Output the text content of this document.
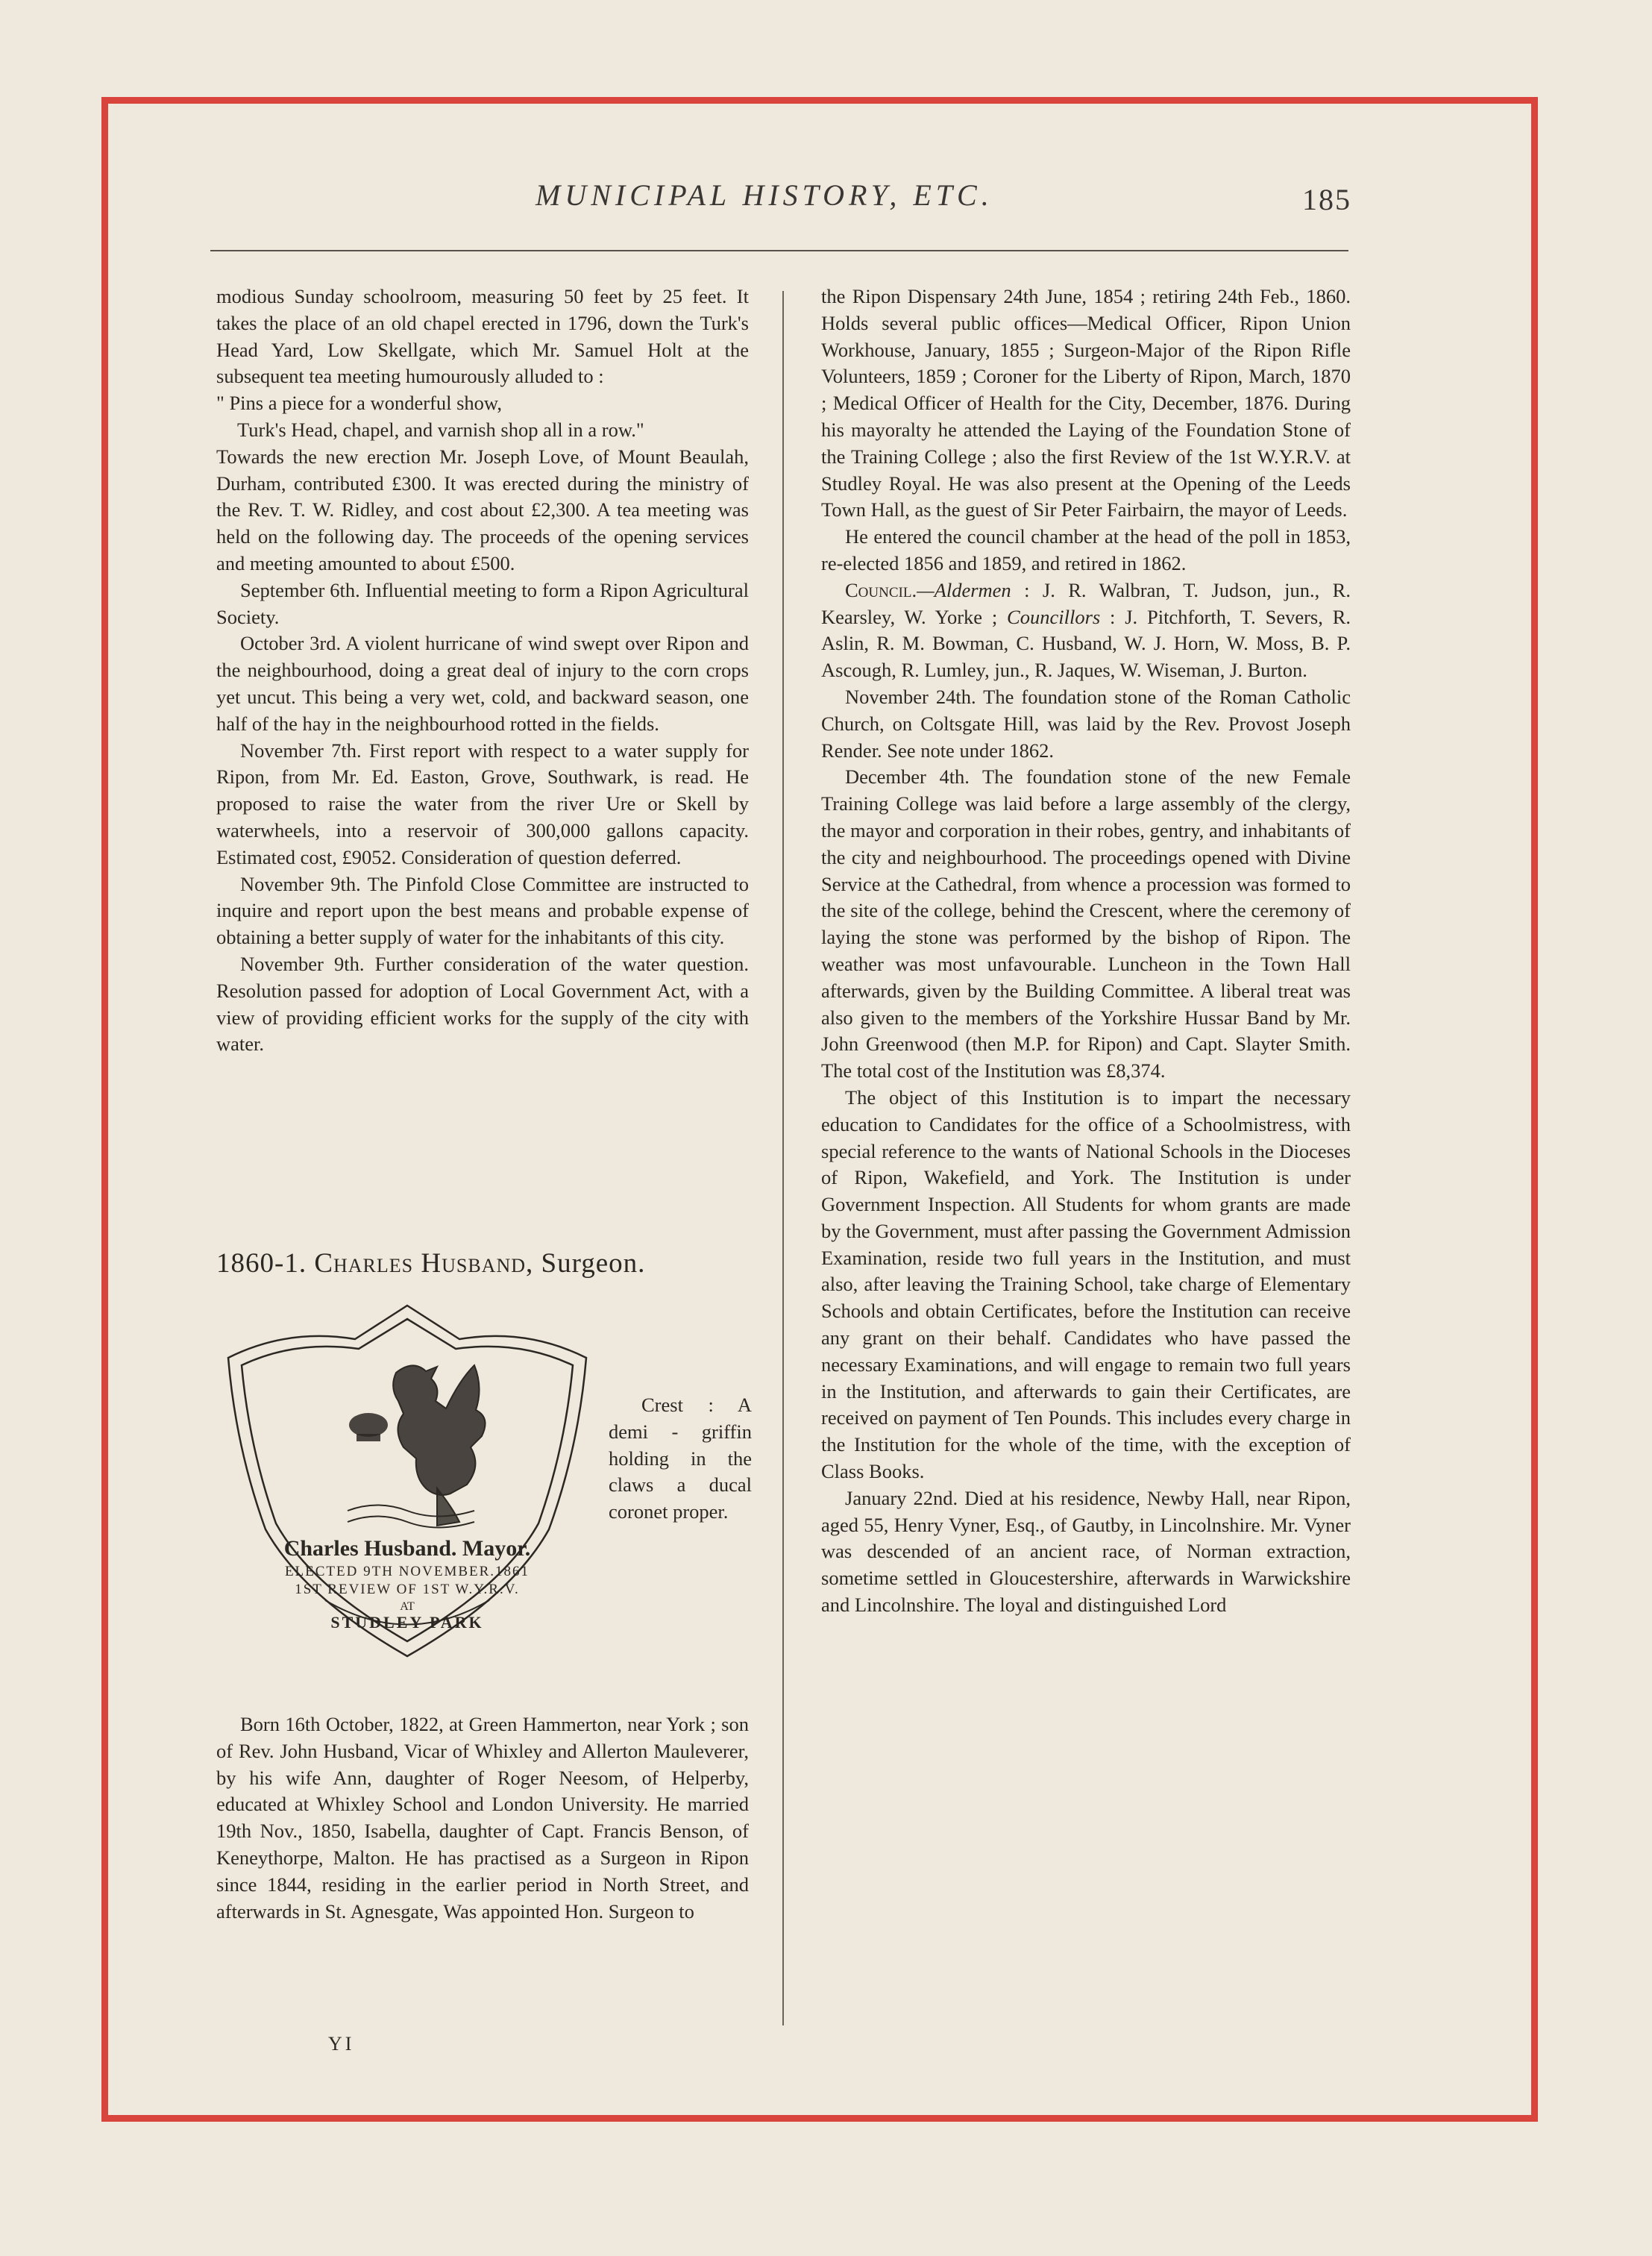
MUNICIPAL HISTORY, ETC.	185

modious Sunday schoolroom, measuring 50 feet by 25 feet. It takes the place of an old chapel erected in 1796, down the Turk's Head Yard, Low Skellgate, which Mr. Samuel Holt at the subsequent tea meeting humourously alluded to :

" Pins a piece for a wonderful show,
Turk's Head, chapel, and varnish shop all in a row."

Towards the new erection Mr. Joseph Love, of Mount Beaulah, Durham, contributed £300. It was erected during the ministry of the Rev. T. W. Ridley, and cost about £2,300. A tea meeting was held on the following day. The proceeds of the opening services and meeting amounted to about £500.

September 6th. Influential meeting to form a Ripon Agricultural Society.

October 3rd. A violent hurricane of wind swept over Ripon and the neighbourhood, doing a great deal of injury to the corn crops yet uncut. This being a very wet, cold, and backward season, one half of the hay in the neighbourhood rotted in the fields.

November 7th. First report with respect to a water supply for Ripon, from Mr. Ed. Easton, Grove, Southwark, is read. He proposed to raise the water from the river Ure or Skell by waterwheels, into a reservoir of 300,000 gallons capacity. Estimated cost, £9052. Consideration of question deferred.

November 9th. The Pinfold Close Committee are instructed to inquire and report upon the best means and probable expense of obtaining a better supply of water for the inhabitants of this city.

November 9th. Further consideration of the water question. Resolution passed for adoption of Local Government Act, with a view of providing efficient works for the supply of the city with water.

1860-1. Charles Husband, Surgeon.
Charles Husband. Mayor.
ELECTED 9TH NOVEMBER.1861
1ST REVIEW OF 1ST W.Y.R.V.
AT
STUDLEY PARK

Crest : A demi - griffin holding in the claws a ducal coronet proper.

Born 16th October, 1822, at Green Hammerton, near York ; son of Rev. John Husband, Vicar of Whixley and Allerton Mauleverer, by his wife Ann, daughter of Roger Neesom, of Helperby, educated at Whixley School and London University. He married 19th Nov., 1850, Isabella, daughter of Capt. Francis Benson, of Keneythorpe, Malton. He has practised as a Surgeon in Ripon since 1844, residing in the earlier period in North Street, and afterwards in St. Agnesgate, Was appointed Hon. Surgeon to

YI

the Ripon Dispensary 24th June, 1854 ; retiring 24th Feb., 1860. Holds several public offices—Medical Officer, Ripon Union Workhouse, January, 1855 ; Surgeon-Major of the Ripon Rifle Volunteers, 1859 ; Coroner for the Liberty of Ripon, March, 1870 ; Medical Officer of Health for the City, December, 1876. During his mayoralty he attended the Laying of the Foundation Stone of the Training College ; also the first Review of the 1st W.Y.R.V. at Studley Royal. He was also present at the Opening of the Leeds Town Hall, as the guest of Sir Peter Fairbairn, the mayor of Leeds.

He entered the council chamber at the head of the poll in 1853, re-elected 1856 and 1859, and retired in 1862.

Council.—Aldermen : J. R. Walbran, T. Judson, jun., R. Kearsley, W. Yorke ; Councillors : J. Pitchforth, T. Severs, R. Aslin, R. M. Bowman, C. Husband, W. J. Horn, W. Moss, B. P. Ascough, R. Lumley, jun., R. Jaques, W. Wiseman, J. Burton.

November 24th. The foundation stone of the Roman Catholic Church, on Coltsgate Hill, was laid by the Rev. Provost Joseph Render. See note under 1862.

December 4th. The foundation stone of the new Female Training College was laid before a large assembly of the clergy, the mayor and corporation in their robes, gentry, and inhabitants of the city and neighbourhood. The proceedings opened with Divine Service at the Cathedral, from whence a procession was formed to the site of the college, behind the Crescent, where the ceremony of laying the stone was performed by the bishop of Ripon. The weather was most unfavourable. Luncheon in the Town Hall afterwards, given by the Building Committee. A liberal treat was also given to the members of the Yorkshire Hussar Band by Mr. John Greenwood (then M.P. for Ripon) and Capt. Slayter Smith. The total cost of the Institution was £8,374.

The object of this Institution is to impart the necessary education to Candidates for the office of a Schoolmistress, with special reference to the wants of National Schools in the Dioceses of Ripon, Wakefield, and York. The Institution is under Government Inspection. All Students for whom grants are made by the Government, must after passing the Government Admission Examination, reside two full years in the Institution, and must also, after leaving the Training School, take charge of Elementary Schools and obtain Certificates, before the Institution can receive any grant on their behalf. Candidates who have passed the necessary Examinations, and will engage to remain two full years in the Institution, and afterwards to gain their Certificates, are received on payment of Ten Pounds. This includes every charge in the Institution for the whole of the time, with the exception of Class Books.

January 22nd. Died at his residence, Newby Hall, near Ripon, aged 55, Henry Vyner, Esq., of Gautby, in Lincolnshire. Mr. Vyner was descended of an ancient race, of Norman extraction, sometime settled in Gloucestershire, afterwards in Warwickshire and Lincolnshire. The loyal and distinguished Lord
